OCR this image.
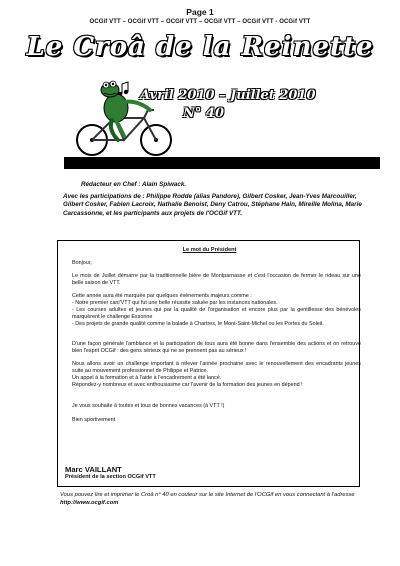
Page 1
OCGif VTT – OCGif VTT – OCGif VTT – OCGif VTT – OCGif VTT - OCGif VTT
Le Croâ de la Reinette
Avril 2010 – Juillet 2010
N° 40
Rédacteur en Chef : Alain Spiwack.
Avec les participations de : Philippe Rodde (alias Pandore), Gilbert Cosker, Jean-Yves Marcouiller, Gilbert Cosker, Fabien Lacroix, Nathalie Benoist, Deny Catrou, Stéphane Hain, Mireille Molina, Marie Carcassonne, et les participants aux projets de l'OCGif VTT.
Le mot du Président
Bonjour,
Le mois de Juillet démarre par la traditionnelle bière de Montparnasse et c'est l'occasion de fermer le rideau sur une belle saison de VTT.
Cette année aura été marquée par quelques évènements majeurs comme :
- Notre premier cani'VTT qui fut une belle réussite saluée par les instances nationales.
- Les courses adultes et jeunes qui par la qualité de l'organisation et encore plus par la gentillesse des bénévoles marquèrent le challenge Essonne
- Des projets de grande qualité comme la balade à Chartres, le Mont-Saint-Michel ou les Portes du Soleil.
D'une façon générale l'ambiance et la participation de tous aura été bonne dans l'ensemble des actions et on retrouve bien l'esprit OCGif : des gens sérieux qui ne se prennent pas au sérieux !
Nous allons avoir un challenge important à relever l'année prochaine avec le renouvellement des encadrants jeunes suite au mouvement professionnel de Philippe et Patrice.
Un appel à la formation et à l'aide à l'encadrement a été lancé.
Répondez-y nombreux et avec enthousiasme car l'avenir de la formation des jeunes en dépend !
Je vous souhaite à toutes et tous de bonnes vacances (à VTT !)
Bien sportivement
Marc VAILLANT
Président de la section OCGif VTT
Vous pouvez lire et imprimer le Croâ n° 40 en couleur sur le site Internet de l'OCGif en vous connectant à l'adresse http://www.ocgif.com
